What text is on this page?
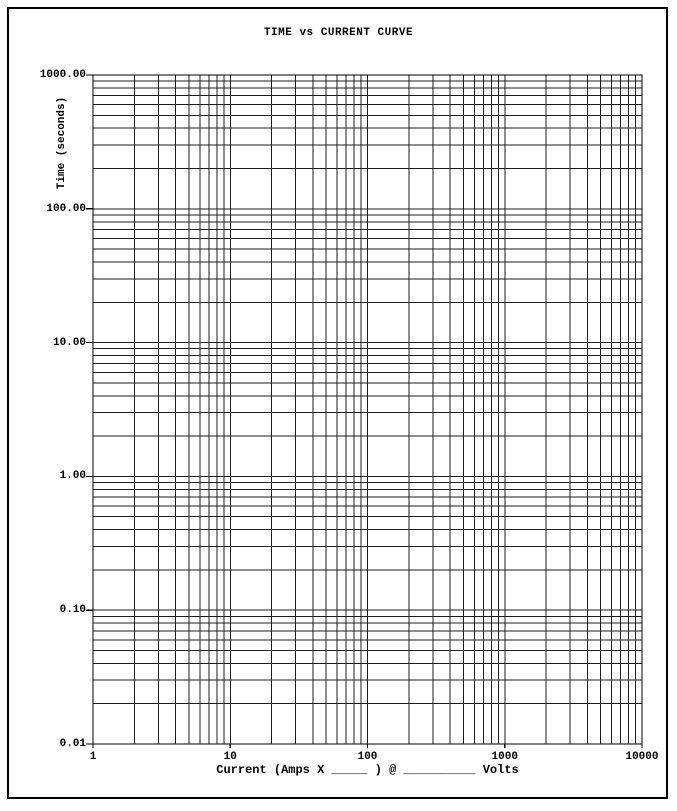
TIME vs CURRENT CURVE
Time (seconds)
1000.00
100.00
10.00
1.00
0.10
0.01
1	10	100	1000	10000
Current (Amps X _____ ) @ __________ Volts
